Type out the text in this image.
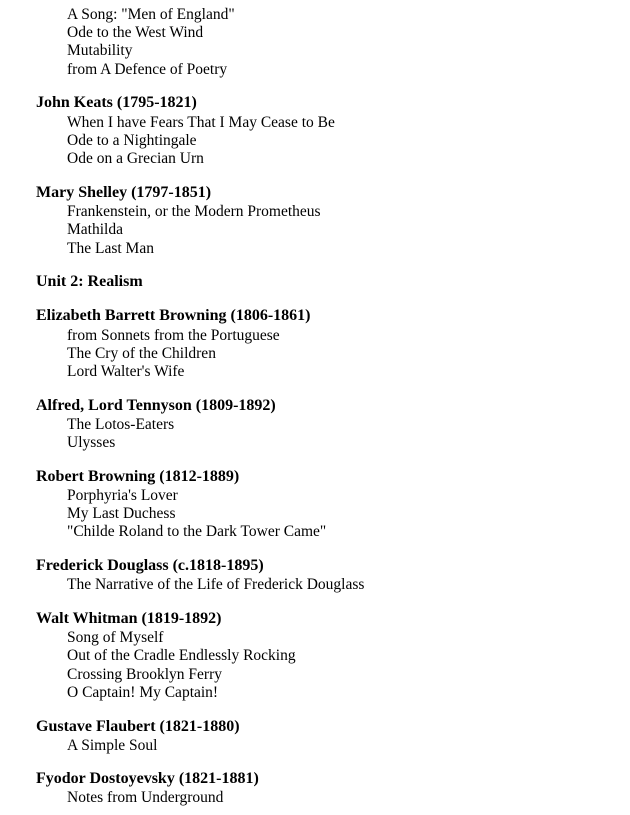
A Song: "Men of England"
Ode to the West Wind
Mutability
from A Defence of Poetry
John Keats (1795-1821)
When I have Fears That I May Cease to Be
Ode to a Nightingale
Ode on a Grecian Urn
Mary Shelley (1797-1851)
Frankenstein, or the Modern Prometheus
Mathilda
The Last Man
Unit 2: Realism
Elizabeth Barrett Browning (1806-1861)
from Sonnets from the Portuguese
The Cry of the Children
Lord Walter's Wife
Alfred, Lord Tennyson (1809-1892)
The Lotos-Eaters
Ulysses
Robert Browning (1812-1889)
Porphyria's Lover
My Last Duchess
"Childe Roland to the Dark Tower Came"
Frederick Douglass (c.1818-1895)
The Narrative of the Life of Frederick Douglass
Walt Whitman (1819-1892)
Song of Myself
Out of the Cradle Endlessly Rocking
Crossing Brooklyn Ferry
O Captain! My Captain!
Gustave Flaubert (1821-1880)
A Simple Soul
Fyodor Dostoyevsky (1821-1881)
Notes from Underground
